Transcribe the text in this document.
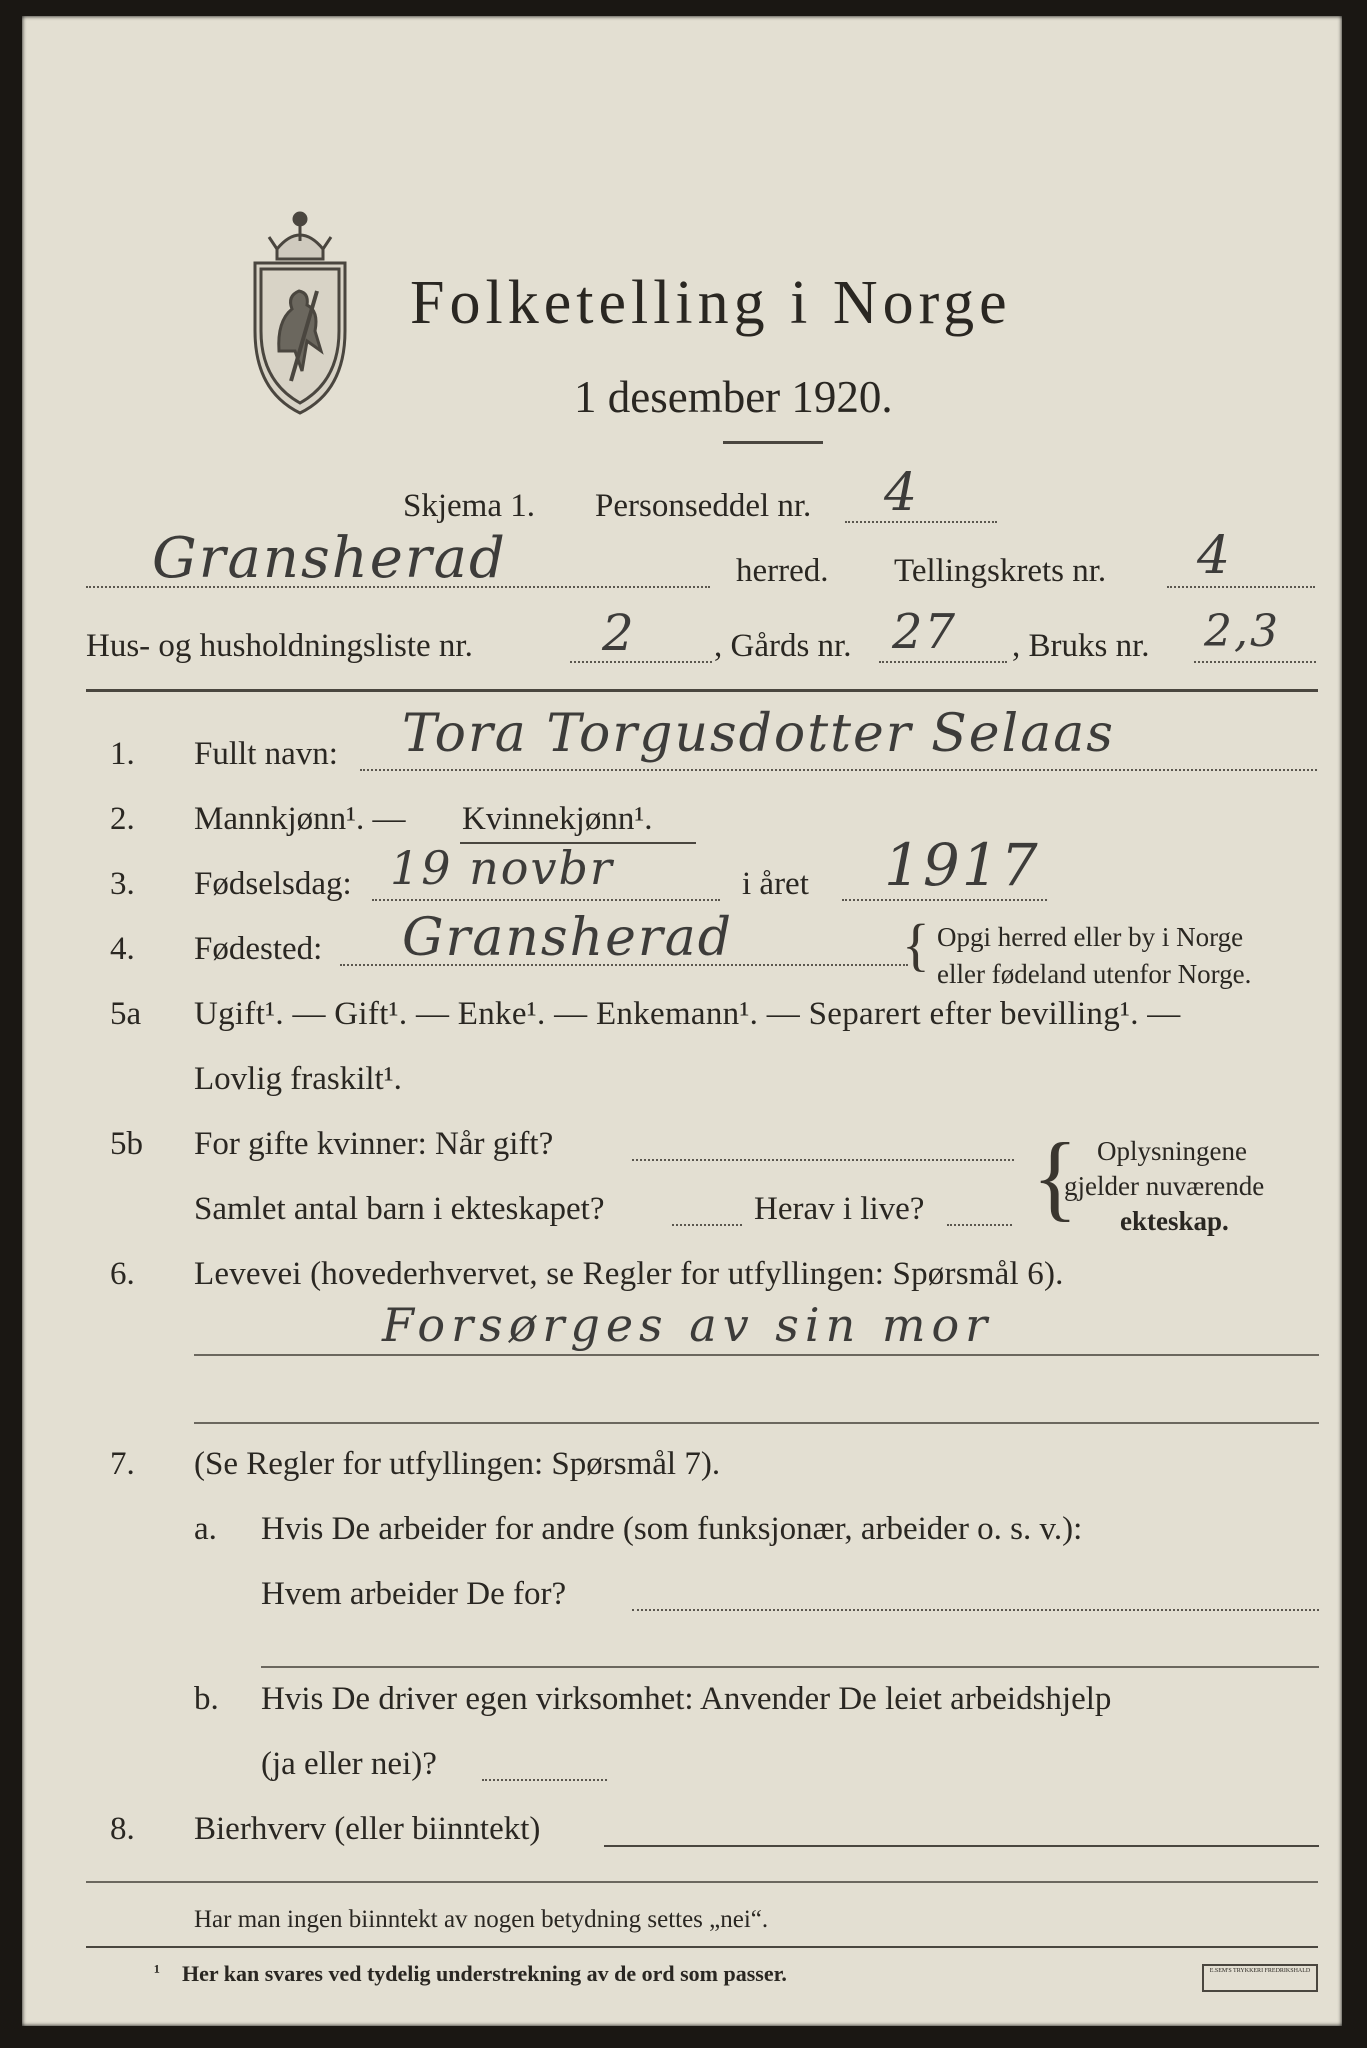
Folketelling i Norge
1 desember 1920.
Skjema 1. Personseddel nr. 4
Gransherad	herred. Tellingskrets nr. 4
Hus- og husholdningsliste nr.	2 , Gårds nr. 27 , Bruks nr. 2,3
1. Fullt navn: Tora Torgusdotter Selaas
2. Mannkjønn¹. — Kvinnekjønn¹.
3. Fødselsdag: 19 novbr	i året 1917
4. Fødested: Gransherad	{ Opgi herred eller by i Norge
eller fødeland utenfor Norge.
5a Ugift¹. — Gift¹. — Enke¹. — Enkemann¹. — Separert efter bevilling¹. —
Lovlig fraskilt¹.
5b For gifte kvinner: Når gift?
Samlet antal barn i ekteskapet?	Herav i live? { Oplysningene
gjelder nuværende
ekteskap.
6. Levevei (hovederhvervet, se Regler for utfyllingen: Spørsmål 6).
Forsørges av sin mor
7. (Se Regler for utfyllingen: Spørsmål 7).
a. Hvis De arbeider for andre (som funksjonær, arbeider o. s. v.):
Hvem arbeider De for?
b. Hvis De driver egen virksomhet: Anvender De leiet arbeidshjelp
(ja eller nei)?
8. Bierhverv (eller biinntekt)
Har man ingen biinntekt av nogen betydning settes „nei“.
¹ Her kan svares ved tydelig understrekning av de ord som passer.	E.SEM'S TRYKKERI FREDRIKSHALD
